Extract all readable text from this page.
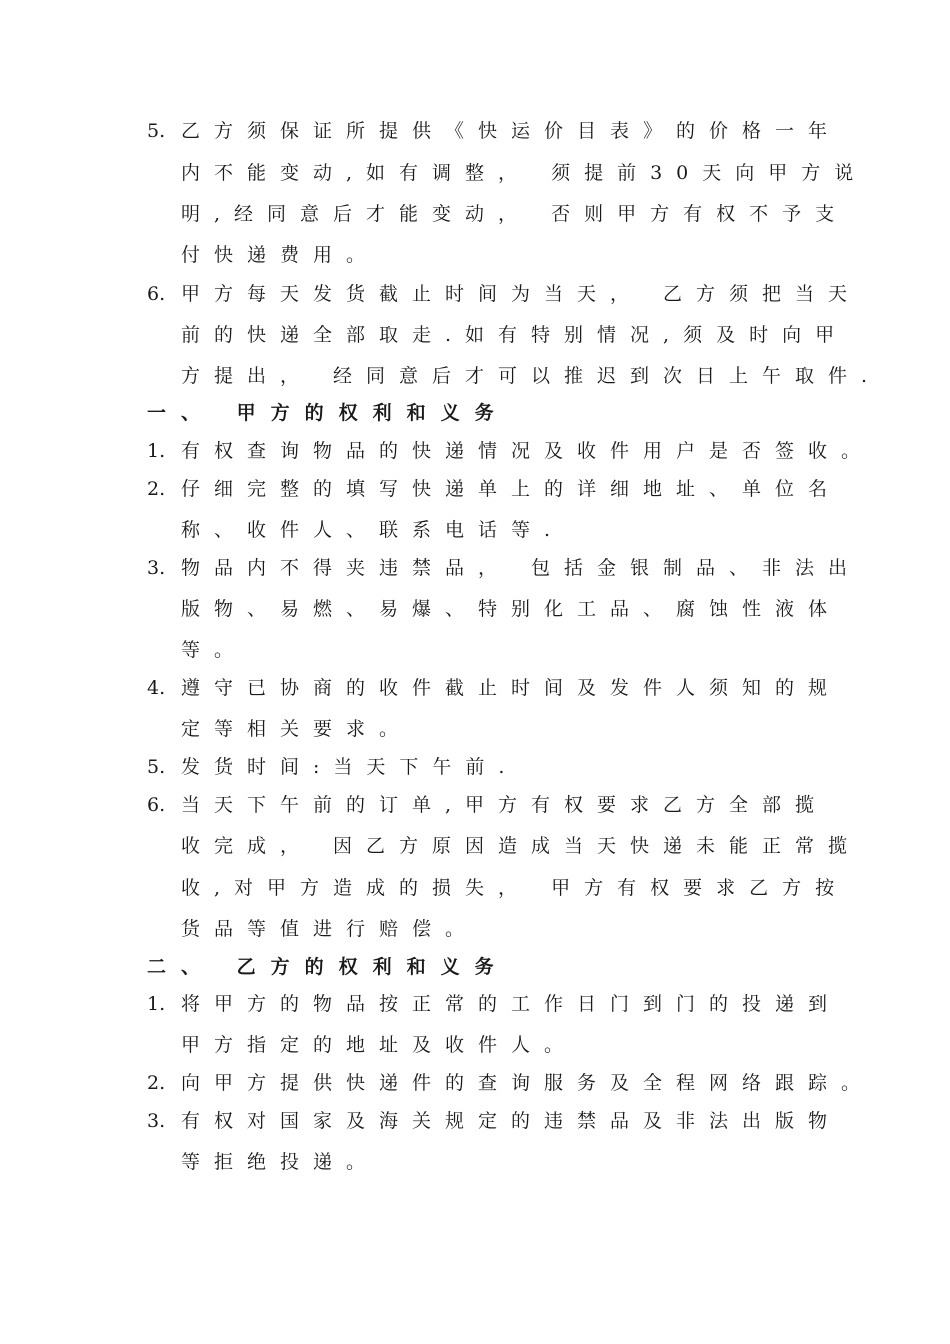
5. 乙方须保证所提供《快运价目表》的价格一年
内不能变动,如有调整， 须提前30天向甲方说
明,经同意后才能变动， 否则甲方有权不予支
付快递费用。
6. 甲方每天发货截止时间为当天， 乙方须把当天
前的快递全部取走.如有特别情况,须及时向甲
方提出， 经同意后才可以推迟到次日上午取件.
一、 甲方的权利和义务
1. 有权查询物品的快递情况及收件用户是否签收。
2. 仔细完整的填写快递单上的详细地址、单位名
称、收件人、联系电话等.
3. 物品内不得夹违禁品， 包括金银制品、非法出
版物、易燃、易爆、特别化工品、腐蚀性液体
等。
4. 遵守已协商的收件截止时间及发件人须知的规
定等相关要求。
5. 发货时间:当天下午前.
6. 当天下午前的订单,甲方有权要求乙方全部揽
收完成， 因乙方原因造成当天快递未能正常揽
收,对甲方造成的损失， 甲方有权要求乙方按
货品等值进行赔偿。
二、 乙方的权利和义务
1. 将甲方的物品按正常的工作日门到门的投递到
甲方指定的地址及收件人。
2. 向甲方提供快递件的查询服务及全程网络跟踪。
3. 有权对国家及海关规定的违禁品及非法出版物
等拒绝投递。
